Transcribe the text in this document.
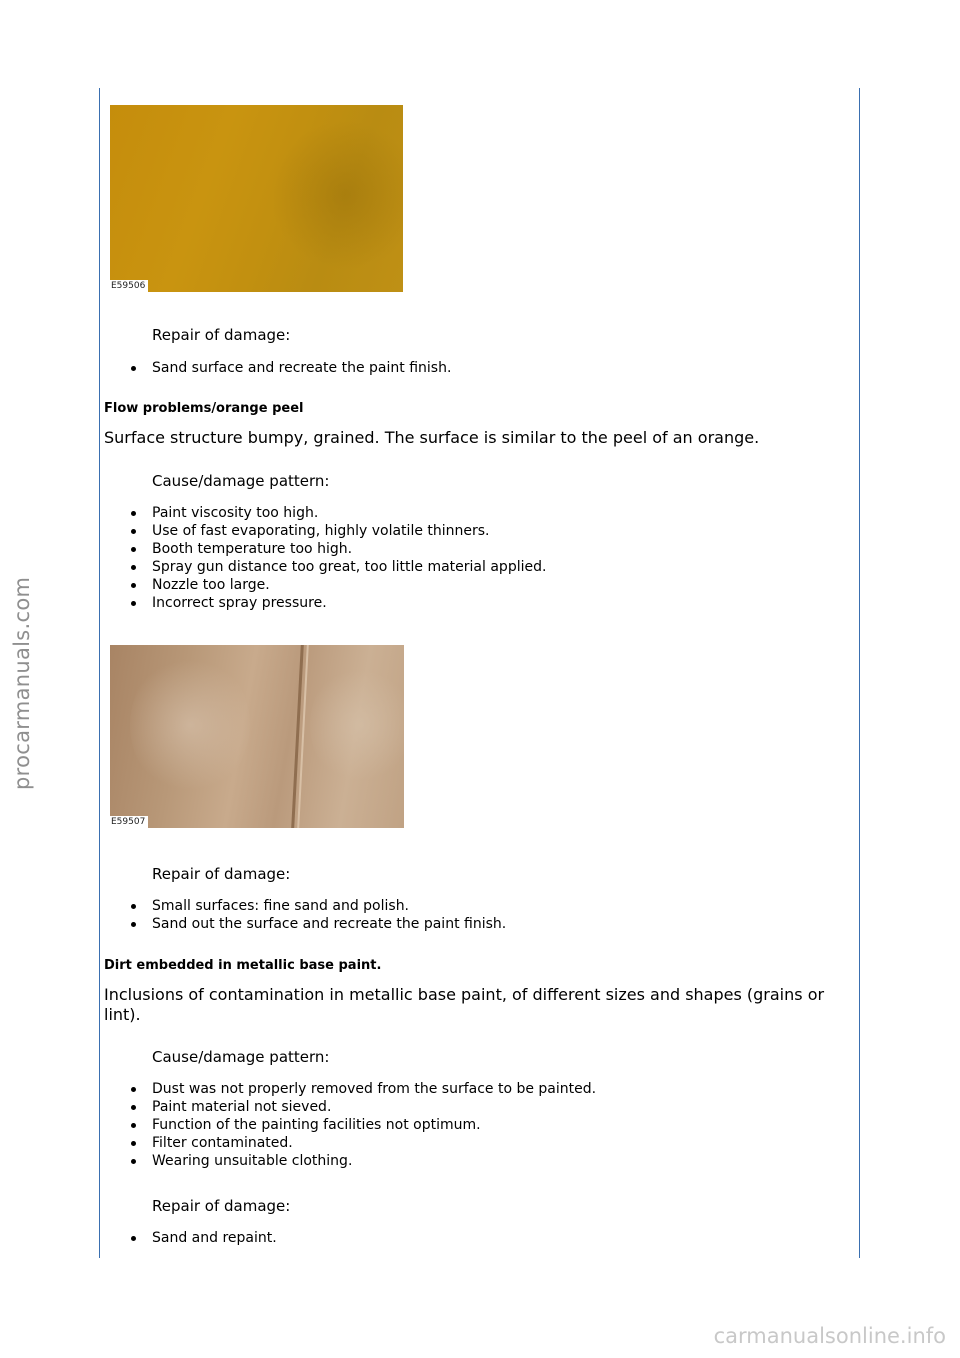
procarmanuals.com
carmanualsonline.info
E59506

Repair of damage:

Sand surface and recreate the paint finish.

Flow problems/orange peel

Surface structure bumpy, grained. The surface is similar to the peel of an orange.

Cause/damage pattern:

Paint viscosity too high.
Use of fast evaporating, highly volatile thinners.
Booth temperature too high.
Spray gun distance too great, too little material applied.
Nozzle too large.
Incorrect spray pressure.
E59507

Repair of damage:

Small surfaces: fine sand and polish.
Sand out the surface and recreate the paint finish.

Dirt embedded in metallic base paint.

Inclusions of contamination in metallic base paint, of different sizes and shapes (grains or lint).

Cause/damage pattern:

Dust was not properly removed from the surface to be painted.
Paint material not sieved.
Function of the painting facilities not optimum.
Filter contaminated.
Wearing unsuitable clothing.

Repair of damage:

Sand and repaint.
